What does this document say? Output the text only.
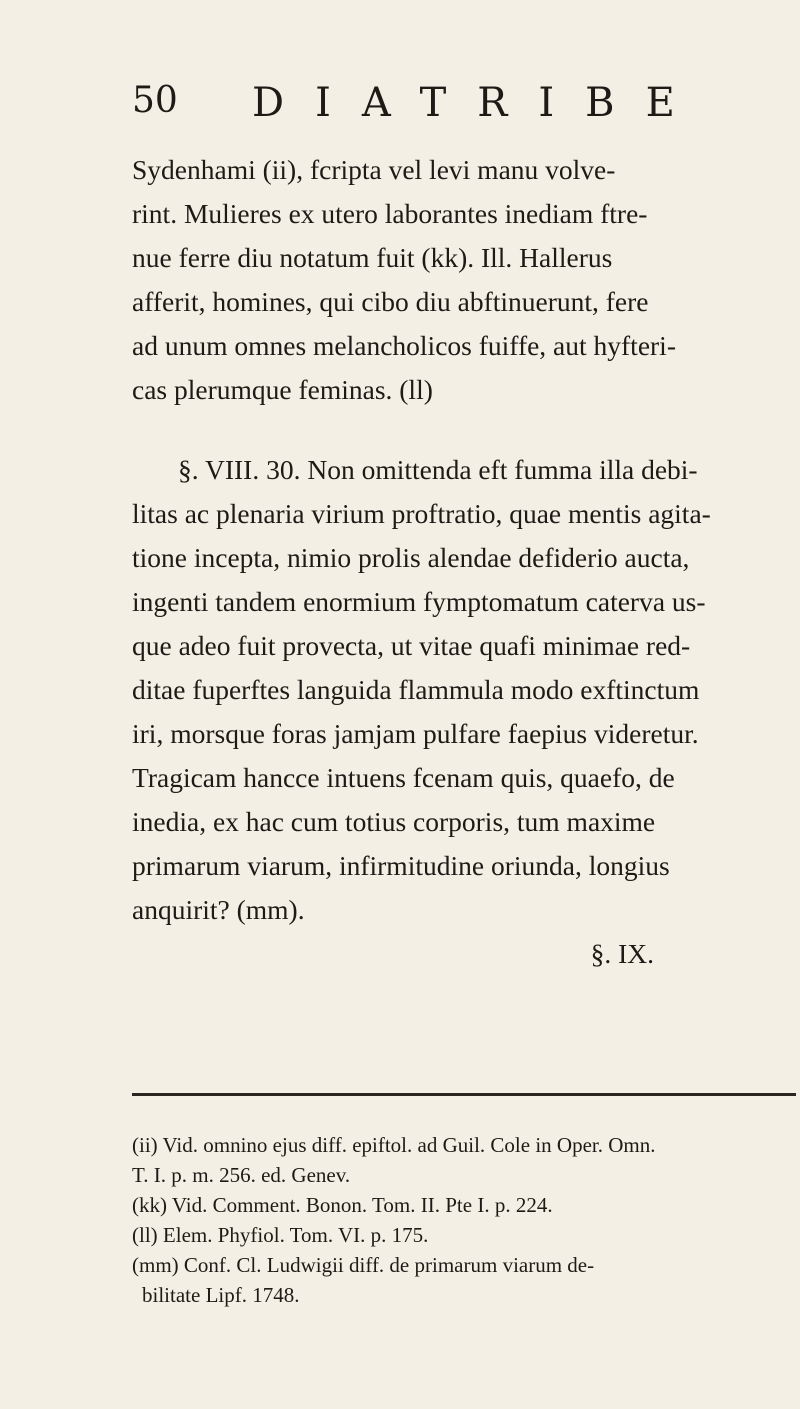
50 DIATRIBE
Sydenhami (ii), fcripta vel levi manu volve-
rint. Mulieres ex utero laborantes inediam ftre-
nue ferre diu notatum fuit (kk). Ill. Hallerus
afferit, homines, qui cibo diu abftinuerunt, fere
ad unum omnes melancholicos fuiffe, aut hyfteri-
cas plerumque feminas. (ll)
§. VIII. 30. Non omittenda eft fumma illa debi-
litas ac plenaria virium proftratio, quae mentis agita-
tione incepta, nimio prolis alendae defiderio aucta,
ingenti tandem enormium fymptomatum caterva us-
que adeo fuit provecta, ut vitae quafi minimae red-
ditae fuperftes languida flammula modo exftinctum
iri, morsque foras jamjam pulfare faepius videretur.
Tragicam hancce intuens fcenam quis, quaefo, de
inedia, ex hac cum totius corporis, tum maxime
primarum viarum, infirmitudine oriunda, longius
anquirit? (mm).
§. IX.
(ii) Vid. omnino ejus diff. epiftol. ad Guil. Cole in Oper. Omn.
T. I. p. m. 256. ed. Genev.
(kk) Vid. Comment. Bonon. Tom. II. Pte I. p. 224.
(ll) Elem. Phyfiol. Tom. VI. p. 175.
(mm) Conf. Cl. Ludwigii diff. de primarum viarum de-
bilitate Lipf. 1748.
